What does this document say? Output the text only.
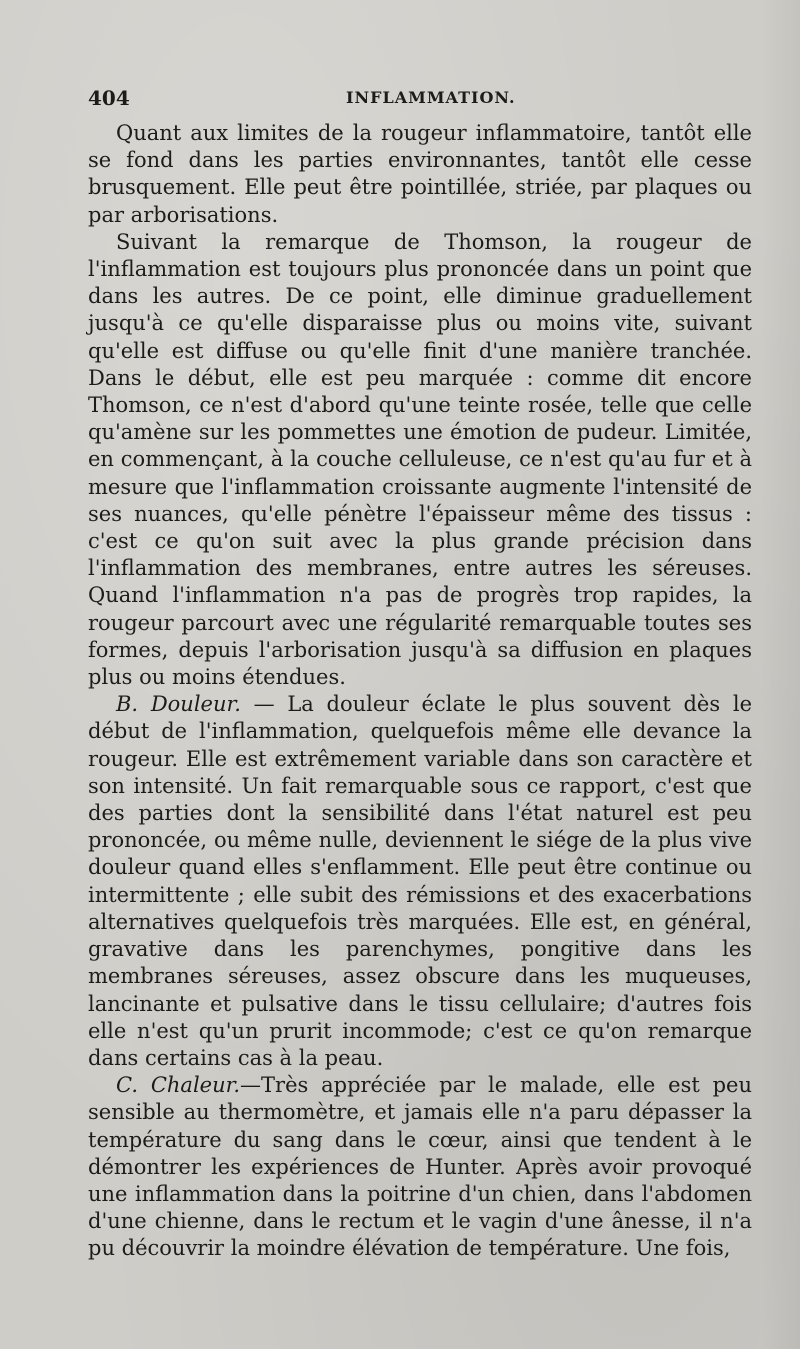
404	INFLAMMATION.

Quant aux limites de la rougeur inflammatoire, tantôt elle se fond dans les parties environnantes, tantôt elle cesse brusquement. Elle peut être pointillée, striée, par plaques ou par arborisations.

Suivant la remarque de Thomson, la rougeur de l'inflammation est toujours plus prononcée dans un point que dans les autres. De ce point, elle diminue graduellement jusqu'à ce qu'elle disparaisse plus ou moins vite, suivant qu'elle est diffuse ou qu'elle finit d'une manière tranchée. Dans le début, elle est peu marquée : comme dit encore Thomson, ce n'est d'abord qu'une teinte rosée, telle que celle qu'amène sur les pommettes une émotion de pudeur. Limitée, en commençant, à la couche celluleuse, ce n'est qu'au fur et à mesure que l'inflammation croissante augmente l'intensité de ses nuances, qu'elle pénètre l'épaisseur même des tissus : c'est ce qu'on suit avec la plus grande précision dans l'inflammation des membranes, entre autres les séreuses. Quand l'inflammation n'a pas de progrès trop rapides, la rougeur parcourt avec une régularité remarquable toutes ses formes, depuis l'arborisation jusqu'à sa diffusion en plaques plus ou moins étendues.

B. Douleur. — La douleur éclate le plus souvent dès le début de l'inflammation, quelquefois même elle devance la rougeur. Elle est extrêmement variable dans son caractère et son intensité. Un fait remarquable sous ce rapport, c'est que des parties dont la sensibilité dans l'état naturel est peu prononcée, ou même nulle, deviennent le siége de la plus vive douleur quand elles s'enflamment. Elle peut être continue ou intermittente ; elle subit des rémissions et des exacerbations alternatives quelquefois très marquées. Elle est, en général, gravative dans les parenchymes, pongitive dans les membranes séreuses, assez obscure dans les muqueuses, lancinante et pulsative dans le tissu cellulaire; d'autres fois elle n'est qu'un prurit incommode; c'est ce qu'on remarque dans certains cas à la peau.

C. Chaleur.—Très appréciée par le malade, elle est peu sensible au thermomètre, et jamais elle n'a paru dépasser la température du sang dans le cœur, ainsi que tendent à le démontrer les expériences de Hunter. Après avoir provoqué une inflammation dans la poitrine d'un chien, dans l'abdomen d'une chienne, dans le rectum et le vagin d'une ânesse, il n'a pu découvrir la moindre élévation de température. Une fois,
